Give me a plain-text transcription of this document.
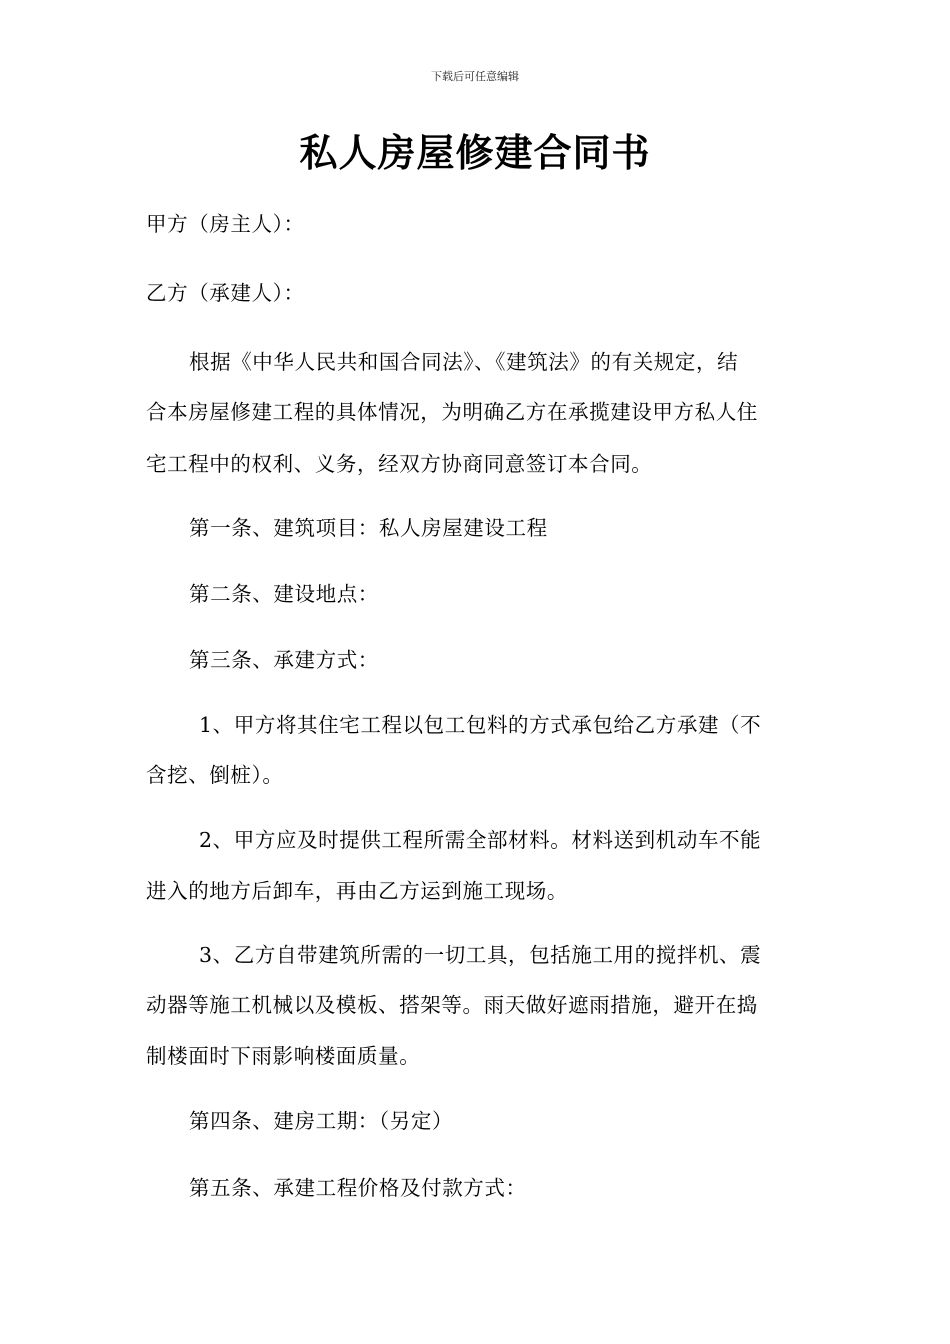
下载后可任意编辑
私人房屋修建合同书
甲方（房主人）：
乙方（承建人）：
根据《中华人民共和国合同法》、《建筑法》的有关规定，结
合本房屋修建工程的具体情况，为明确乙方在承揽建设甲方私人住
宅工程中的权利、义务，经双方协商同意签订本合同。
第一条、建筑项目：私人房屋建设工程
第二条、建设地点：
第三条、承建方式：
1、甲方将其住宅工程以包工包料的方式承包给乙方承建（不
含挖、倒桩）。
2、甲方应及时提供工程所需全部材料。材料送到机动车不能
进入的地方后卸车，再由乙方运到施工现场。
3、乙方自带建筑所需的一切工具，包括施工用的搅拌机、震
动器等施工机械以及模板、搭架等。雨天做好遮雨措施，避开在捣
制楼面时下雨影响楼面质量。
第四条、建房工期：（另定）
第五条、承建工程价格及付款方式：
